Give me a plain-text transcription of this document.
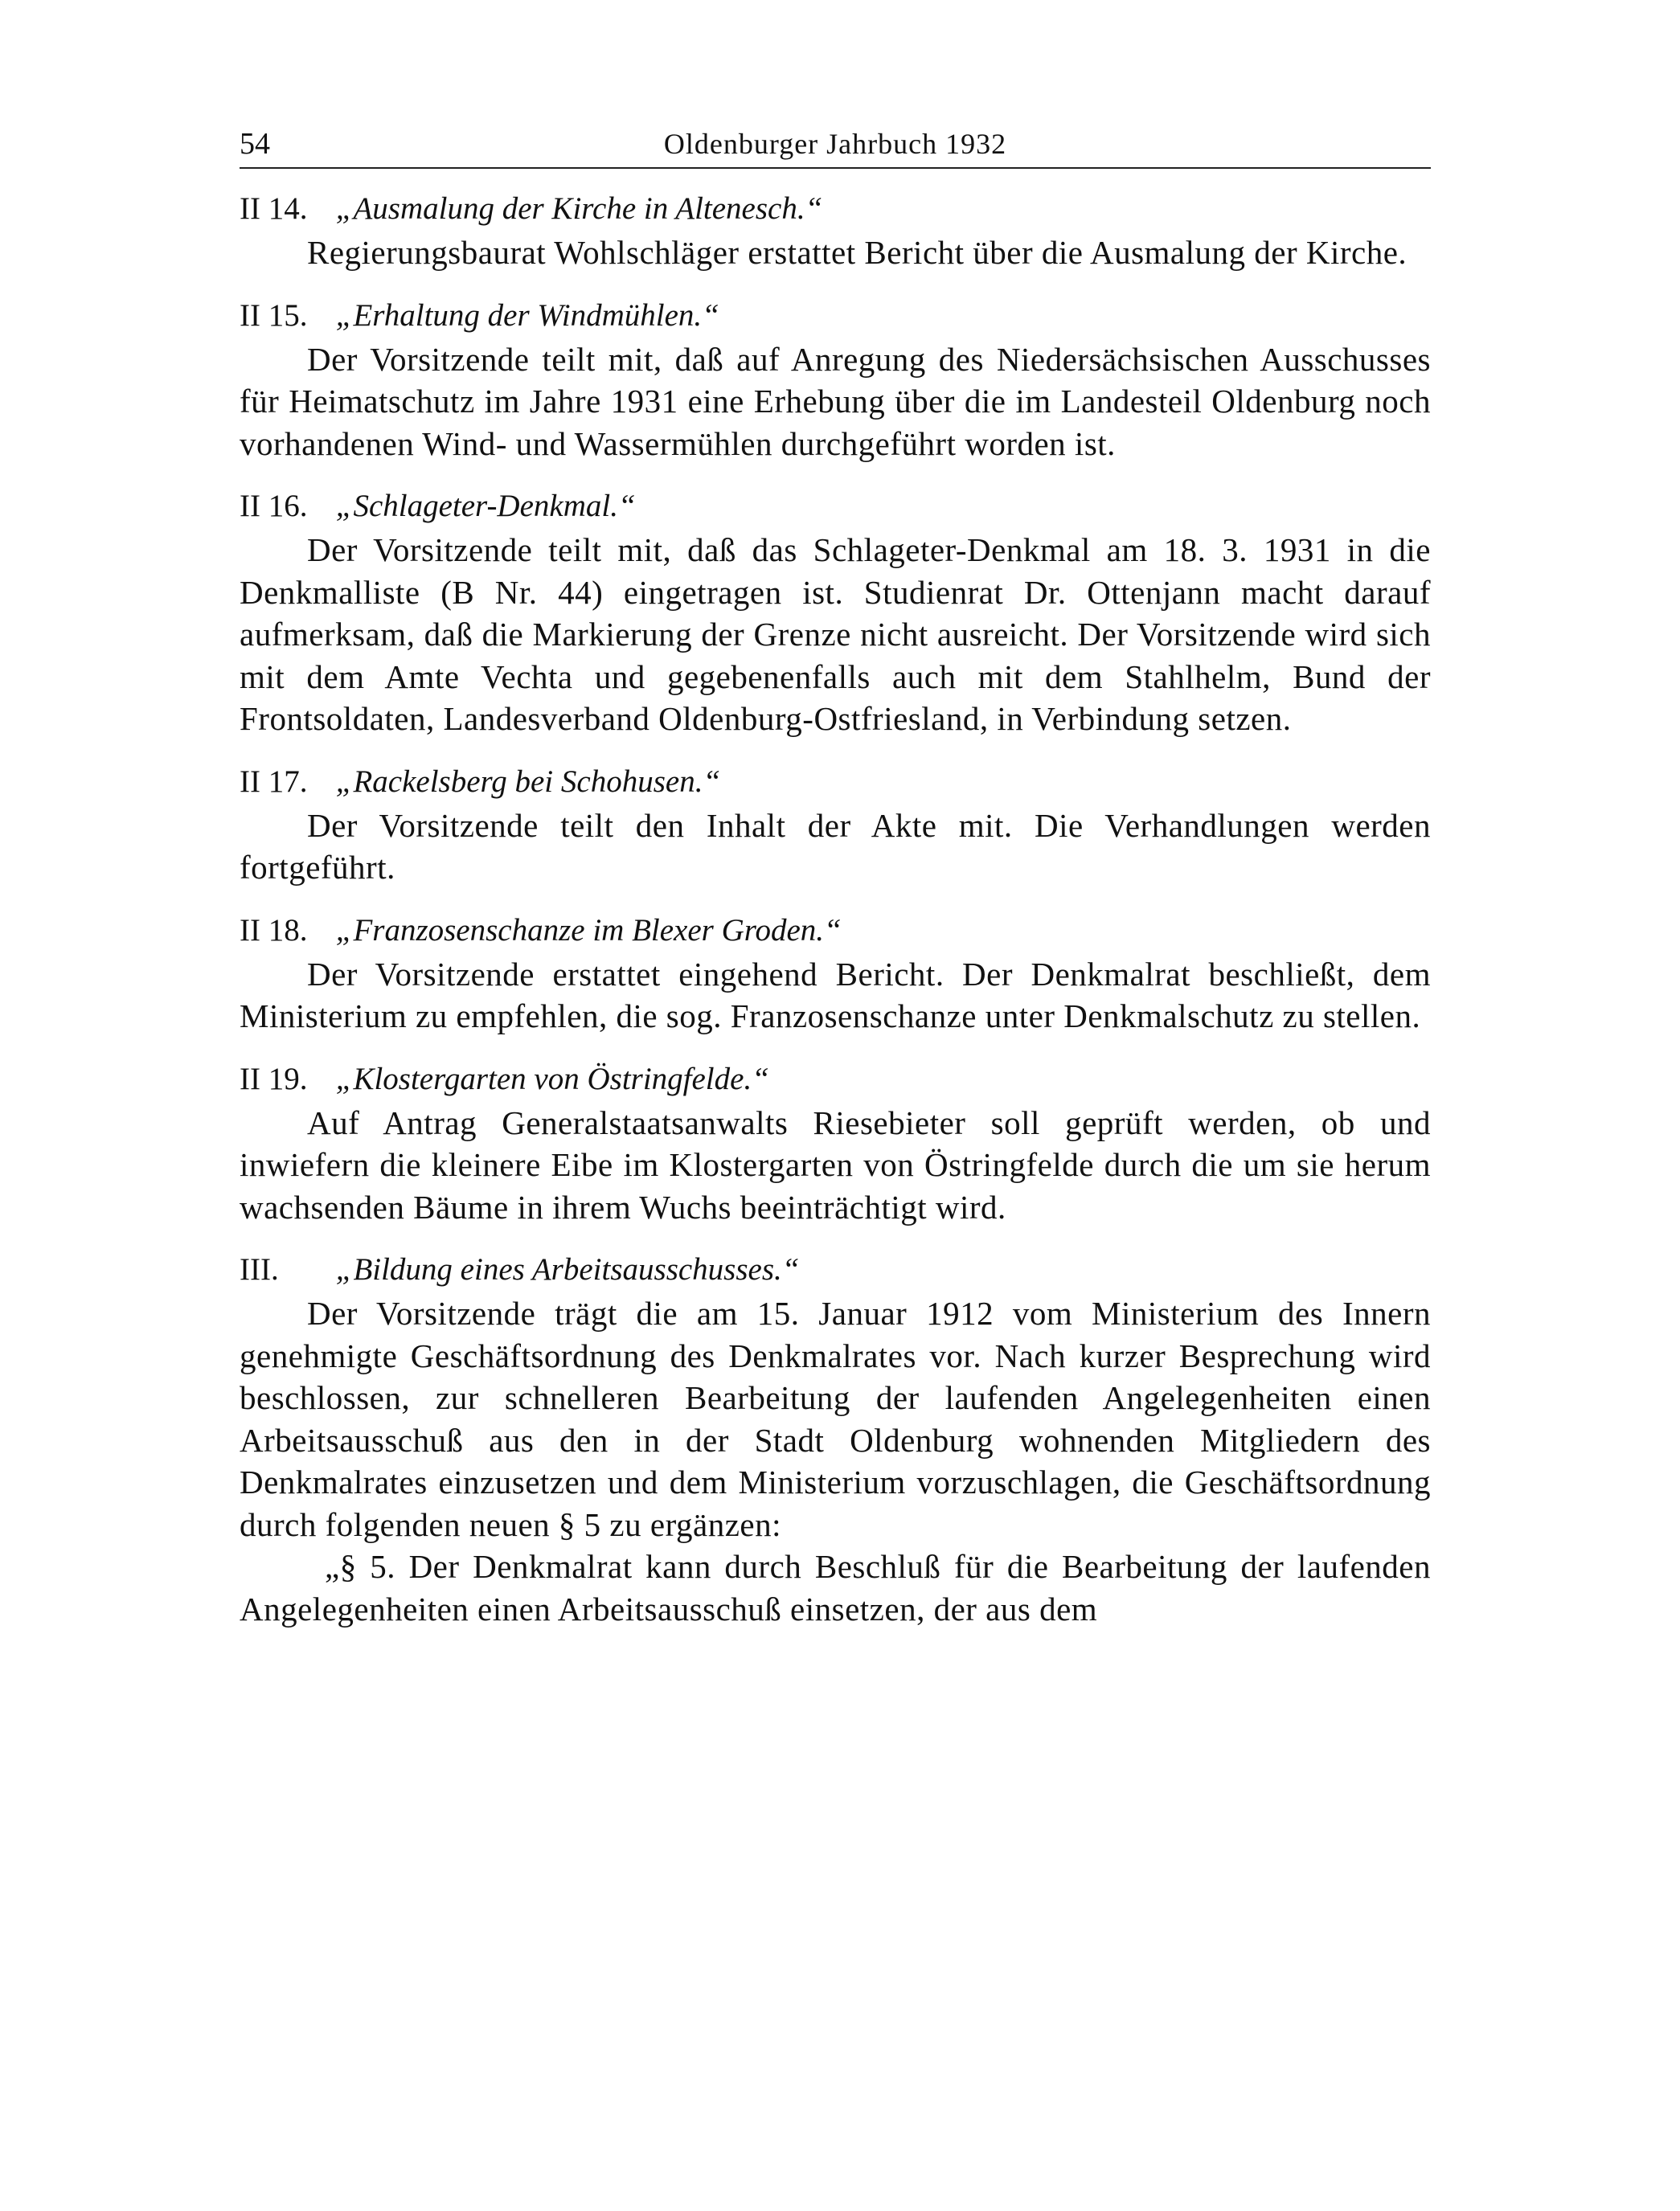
54	Oldenburger Jahrbuch 1932
II 14. „Ausmalung der Kirche in Altenesch.“

Regierungsbaurat Wohlschläger erstattet Bericht über die Ausmalung der Kirche.

II 15. „Erhaltung der Windmühlen.“

Der Vorsitzende teilt mit, daß auf Anregung des Niedersächsischen Ausschusses für Heimatschutz im Jahre 1931 eine Erhebung über die im Landesteil Oldenburg noch vorhandenen Wind- und Wassermühlen durchgeführt worden ist.

II 16. „Schlageter-Denkmal.“

Der Vorsitzende teilt mit, daß das Schlageter-Denkmal am 18. 3. 1931 in die Denkmalliste (B Nr. 44) eingetragen ist. Studienrat Dr. Ottenjann macht darauf aufmerksam, daß die Markierung der Grenze nicht ausreicht. Der Vorsitzende wird sich mit dem Amte Vechta und gegebenenfalls auch mit dem Stahlhelm, Bund der Frontsoldaten, Landesverband Oldenburg-Ostfriesland, in Verbindung setzen.

II 17. „Rackelsberg bei Schohusen.“

Der Vorsitzende teilt den Inhalt der Akte mit. Die Verhandlungen werden fortgeführt.

II 18. „Franzosenschanze im Blexer Groden.“

Der Vorsitzende erstattet eingehend Bericht. Der Denkmalrat beschließt, dem Ministerium zu empfehlen, die sog. Franzosenschanze unter Denkmalschutz zu stellen.

II 19. „Klostergarten von Östringfelde.“

Auf Antrag Generalstaatsanwalts Riesebieter soll geprüft werden, ob und inwiefern die kleinere Eibe im Klostergarten von Östringfelde durch die um sie herum wachsenden Bäume in ihrem Wuchs beeinträchtigt wird.

III. „Bildung eines Arbeitsausschusses.“

Der Vorsitzende trägt die am 15. Januar 1912 vom Ministerium des Innern genehmigte Geschäftsordnung des Denkmalrates vor. Nach kurzer Besprechung wird beschlossen, zur schnelleren Bearbeitung der laufenden Angelegenheiten einen Arbeitsausschuß aus den in der Stadt Oldenburg wohnenden Mitgliedern des Denkmalrates einzusetzen und dem Ministerium vorzuschlagen, die Geschäftsordnung durch folgenden neuen § 5 zu ergänzen:

„§ 5. Der Denkmalrat kann durch Beschluß für die Bearbeitung der laufenden Angelegenheiten einen Arbeitsausschuß einsetzen, der aus dem
